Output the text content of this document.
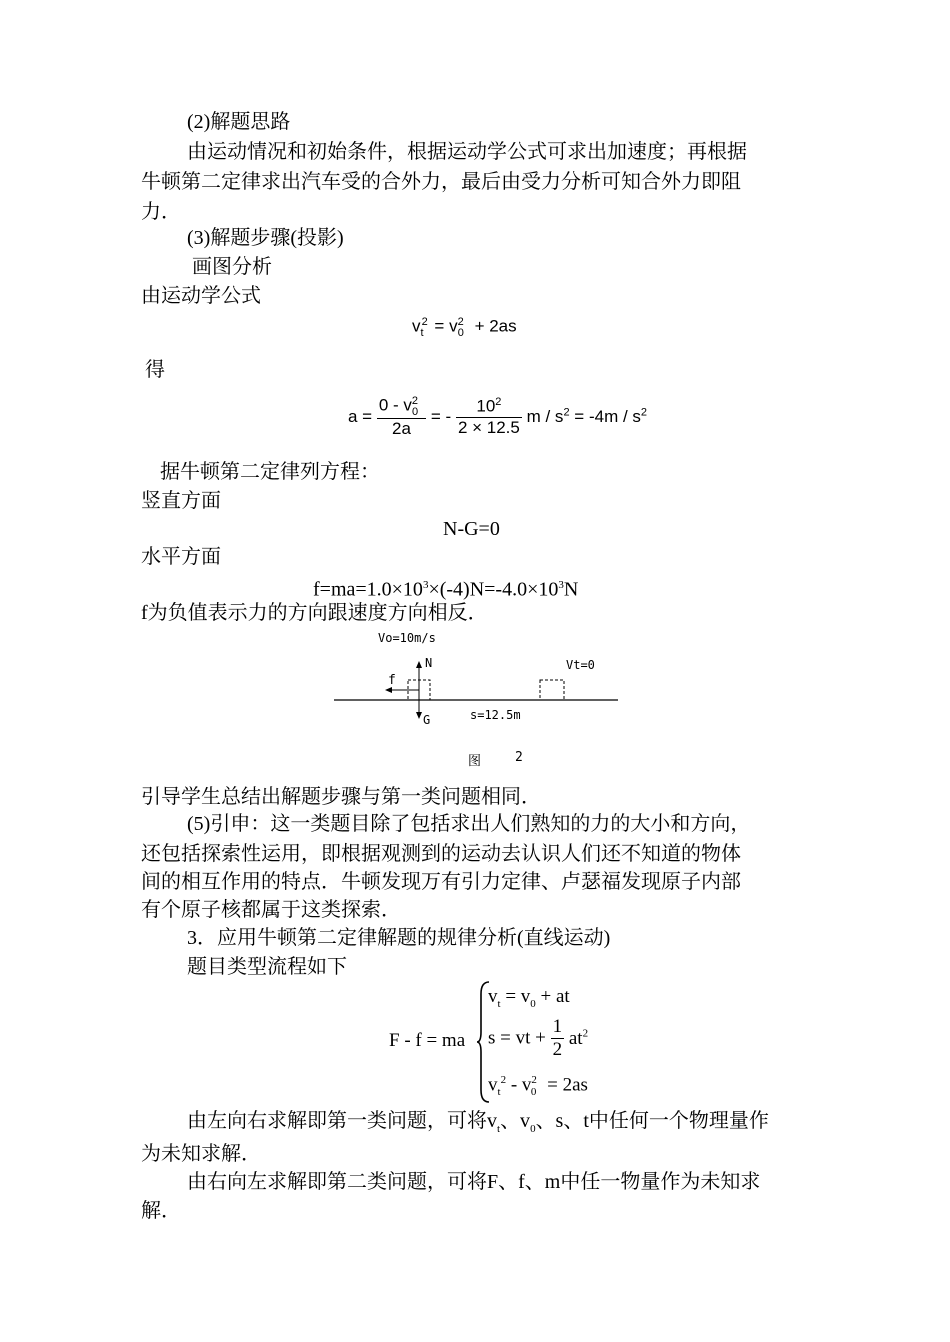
(2)解题思路
由运动情况和初始条件，根据运动学公式可求出加速度；再根据
牛顿第二定律求出汽车受的合外力，最后由受力分析可知合外力即阻
力．
(3)解题步骤(投影)
画图分析
由运动学公式
$v_t^2 = v^2_0 + 2as$
得
$a = \frac{0 - v^2_0}{2a}$ = - $\frac{10^2}{2 \times 12.5}$ $m / s^2 = -4m / s^2$
据牛顿第二定律列方程：
竖直方面
N-G=0
水平方面
$f=ma=1.0\times 10^3\times(-4)N=-4.0\times 10^3N$
f为负值表示力的方向跟速度方向相反．
Vo=10m/s
N
f
G
Vt=0
s=12.5m
图	2
引导学生总结出解题步骤与第一类问题相同．
(5)引申：这一类题目除了包括求出人们熟知的力的大小和方向，
还包括探索性运用，即根据观测到的运动去认识人们还不知道的物体
间的相互作用的特点．牛顿发现万有引力定律、卢瑟福发现原子内部
有个原子核都属于这类探索．
3．应用牛顿第二定律解题的规律分析(直线运动)
题目类型流程如下
F - f = ma
$v_t = v_0$ + at
s = vt + $\frac{1}{2} at^2$
$v_t^2 - v^2_0 = 2as$
由左向右求解即第一类问题，可将$v_t$、$v_0$、s、t中任何一个物理量作
为未知求解．
由右向左求解即第二类问题，可将F、f、m中任一物量作为未知求
解．
